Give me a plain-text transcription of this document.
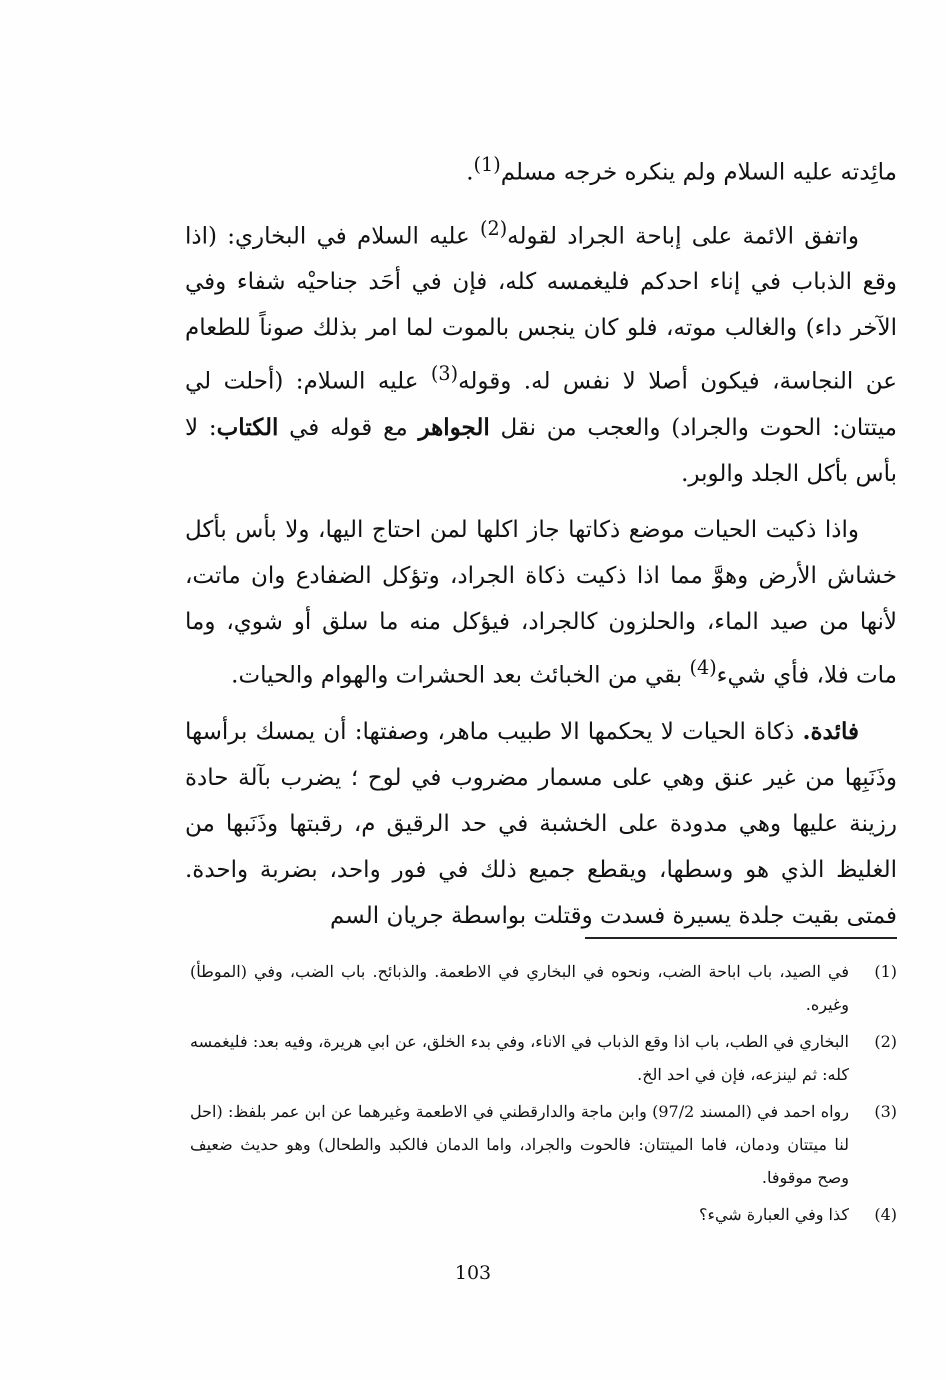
مائِدته عليه السلام ولم ينكره خرجه مسلم$^{(1)}$.

واتفق الائمة على إباحة الجراد لقوله$^{(2)}$ عليه السلام في البخاري: (اذا وقع الذباب في إناء احدكم فليغمسه كله، فإن في أحَد جناحيْه شفاء وفي الآخر داء) والغالب موته، فلو كان ينجس بالموت لما امر بذلك صوناً للطعام عن النجاسة، فيكون أصلا لا نفس له. وقوله$^{(3)}$ عليه السلام: (أحلت لي ميتتان: الحوت والجراد) والعجب من نقل الجواهر مع قوله في الكتاب: لا بأس بأكل الجلد والوبر.

واذا ذكيت الحيات موضع ذكاتها جاز اكلها لمن احتاج اليها، ولا بأس بأكل خشاش الأرض وهوَّ مما اذا ذكيت ذكاة الجراد، وتؤكل الضفادع وان ماتت، لأنها من صيد الماء، والحلزون كالجراد، فيؤكل منه ما سلق أو شوي، وما مات فلا، فأي شيء$^{(4)}$ بقي من الخبائث بعد الحشرات والهوام والحيات.

فائدة. ذكاة الحيات لا يحكمها الا طبيب ماهر، وصفتها: أن يمسك برأسها وذَنَبِها من غير عنق وهي على مسمار مضروب في لوح ؛ يضرب بآلة حادة رزينة عليها وهي مدودة على الخشبة في حد الرقيق م، رقبتها وذَنَبها من الغليظ الذي هو وسطها، ويقطع جميع ذلك في فور واحد، بضربة واحدة. فمتى بقيت جلدة يسيرة فسدت وقتلت بواسطة جريان السم

(1)
في الصيد، باب اباحة الضب، ونحوه في البخاري في الاطعمة. والذبائح. باب الضب، وفي (الموطأ) وغيره.
(2)
البخاري في الطب، باب اذا وقع الذباب في الاناء، وفي بدء الخلق، عن ابي هريرة، وفيه بعد: فليغمسه كله: ثم لينزعه، فإن في احد الخ.
(3)
رواه احمد في (المسند 97/2) وابن ماجة والدارقطني في الاطعمة وغيرهما عن ابن عمر بلفظ: (احل لنا ميتتان ودمان، فاما الميتتان: فالحوت والجراد، واما الدمان فالكبد والطحال) وهو حديث ضعيف وصح موقوفا.
(4)
كذا وفي العبارة شيء؟
103
